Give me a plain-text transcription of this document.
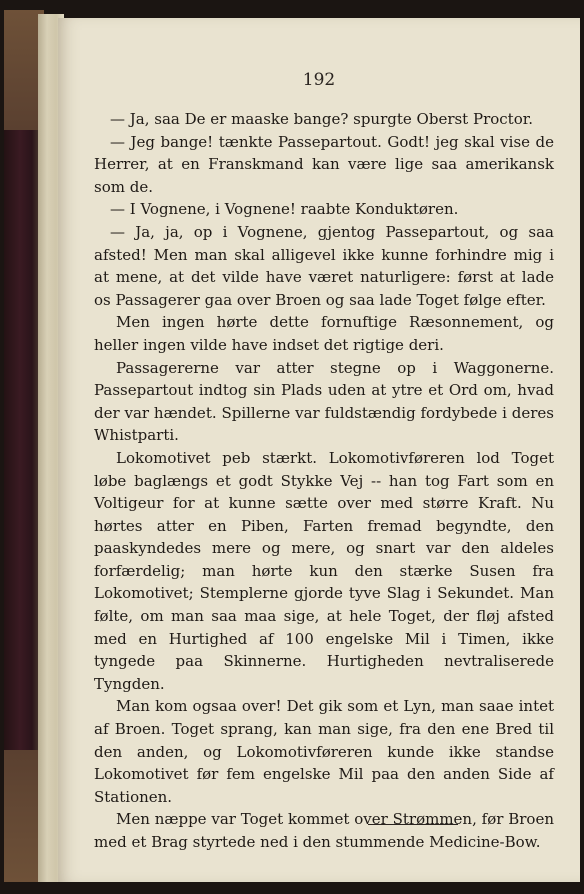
192

— Ja, saa De er maaske bange? spurgte Oberst Proctor.

— Jeg bange! tænkte Passepartout. Godt! jeg skal vise de Herrer, at en Franskmand kan være lige saa amerikansk som de.

— I Vognene, i Vognene! raabte Konduktøren.

— Ja, ja, op i Vognene, gjentog Passepartout, og saa afsted! Men man skal alligevel ikke kunne forhindre mig i at mene, at det vilde have været naturligere: først at lade os Passagerer gaa over Broen og saa lade Toget følge efter.

Men ingen hørte dette fornuftige Ræsonnement, og heller ingen vilde have indset det rigtige deri.

Passagererne var atter stegne op i Waggonerne. Passepartout indtog sin Plads uden at ytre et Ord om, hvad der var hændet. Spillerne var fuldstændig fordybede i deres Whistparti.

Lokomotivet peb stærkt. Lokomotivføreren lod Toget løbe baglængs et godt Stykke Vej -- han tog Fart som en Voltigeur for at kunne sætte over med større Kraft. Nu hørtes atter en Piben, Farten fremad begyndte, den paaskyndedes mere og mere, og snart var den aldeles forfærdelig; man hørte kun den stærke Susen fra Lokomotivet; Stemplerne gjorde tyve Slag i Sekundet. Man følte, om man saa maa sige, at hele Toget, der fløj afsted med en Hurtighed af 100 engelske Mil i Timen, ikke tyngede paa Skinnerne. Hurtigheden nevtraliserede Tyngden.

Man kom ogsaa over! Det gik som et Lyn, man saae intet af Broen. Toget sprang, kan man sige, fra den ene Bred til den anden, og Lokomotivføreren kunde ikke standse Lokomotivet før fem engelske Mil paa den anden Side af Stationen.

Men næppe var Toget kommet over Strømmen, før Broen med et Brag styrtede ned i den stummende Medicine-Bow.
